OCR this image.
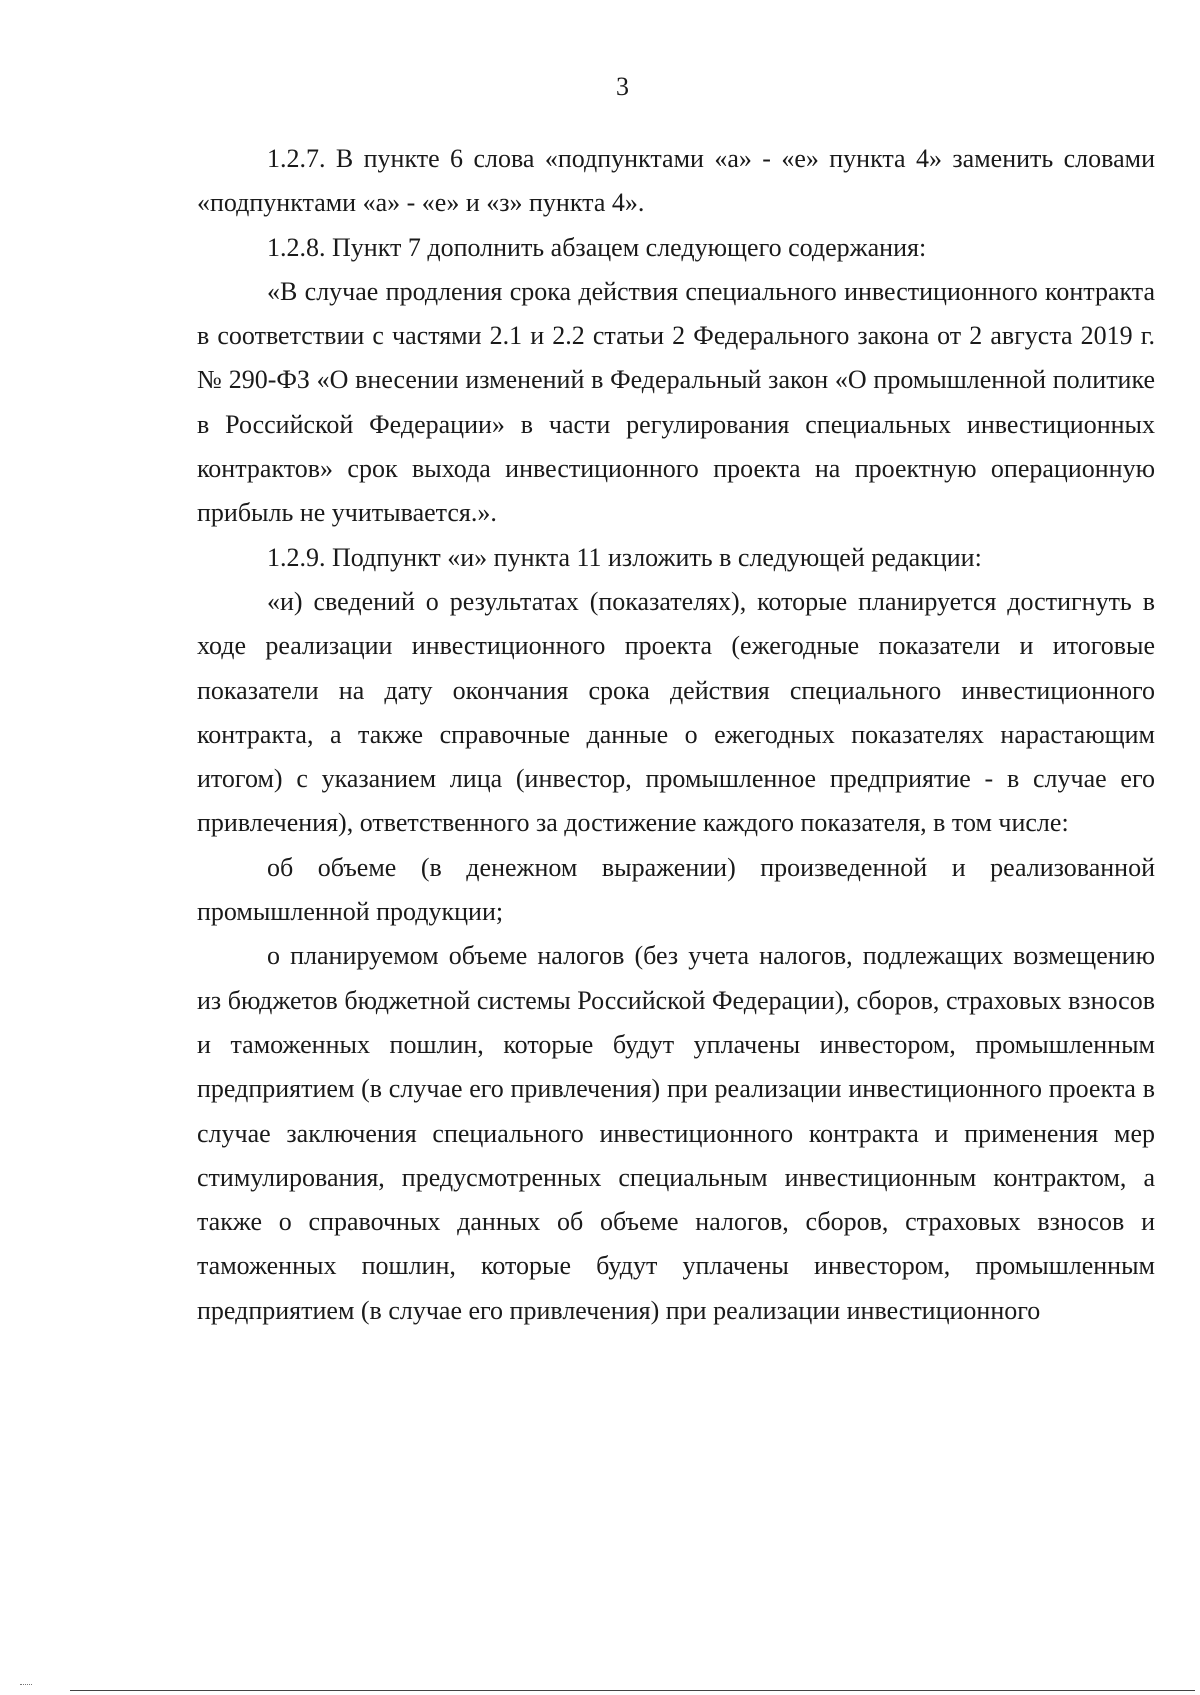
3

1.2.7. В пункте 6 слова «подпунктами «а» - «е» пункта 4» заменить словами «подпунктами «а» - «е» и «з» пункта 4».

1.2.8. Пункт 7 дополнить абзацем следующего содержания:

«В случае продления срока действия специального инвестиционного контракта в соответствии с частями 2.1 и 2.2 статьи 2 Федерального закона от 2 августа 2019 г. № 290-ФЗ «О внесении изменений в Федеральный закон «О промышленной политике в Российской Федерации» в части регулирования специальных инвестиционных контрактов» срок выхода инвестиционного проекта на проектную операционную прибыль не учитывается.».

1.2.9. Подпункт «и» пункта 11 изложить в следующей редакции:

«и) сведений о результатах (показателях), которые планируется достигнуть в ходе реализации инвестиционного проекта (ежегодные показатели и итоговые показатели на дату окончания срока действия специального инвестиционного контракта, а также справочные данные о ежегодных показателях нарастающим итогом) с указанием лица (инвестор, промышленное предприятие - в случае его привлечения), ответственного за достижение каждого показателя, в том числе:

об объеме (в денежном выражении) произведенной и реализованной промышленной продукции;

о планируемом объеме налогов (без учета налогов, подлежащих возмещению из бюджетов бюджетной системы Российской Федерации), сборов, страховых взносов и таможенных пошлин, которые будут уплачены инвестором, промышленным предприятием (в случае его привлечения) при реализации инвестиционного проекта в случае заключения специального инвестиционного контракта и применения мер стимулирования, предусмотренных специальным инвестиционным контрактом, а также о справочных данных об объеме налогов, сборов, страховых взносов и таможенных пошлин, которые будут уплачены инвестором, промышленным предприятием (в случае его привлечения) при реализации инвестиционного
